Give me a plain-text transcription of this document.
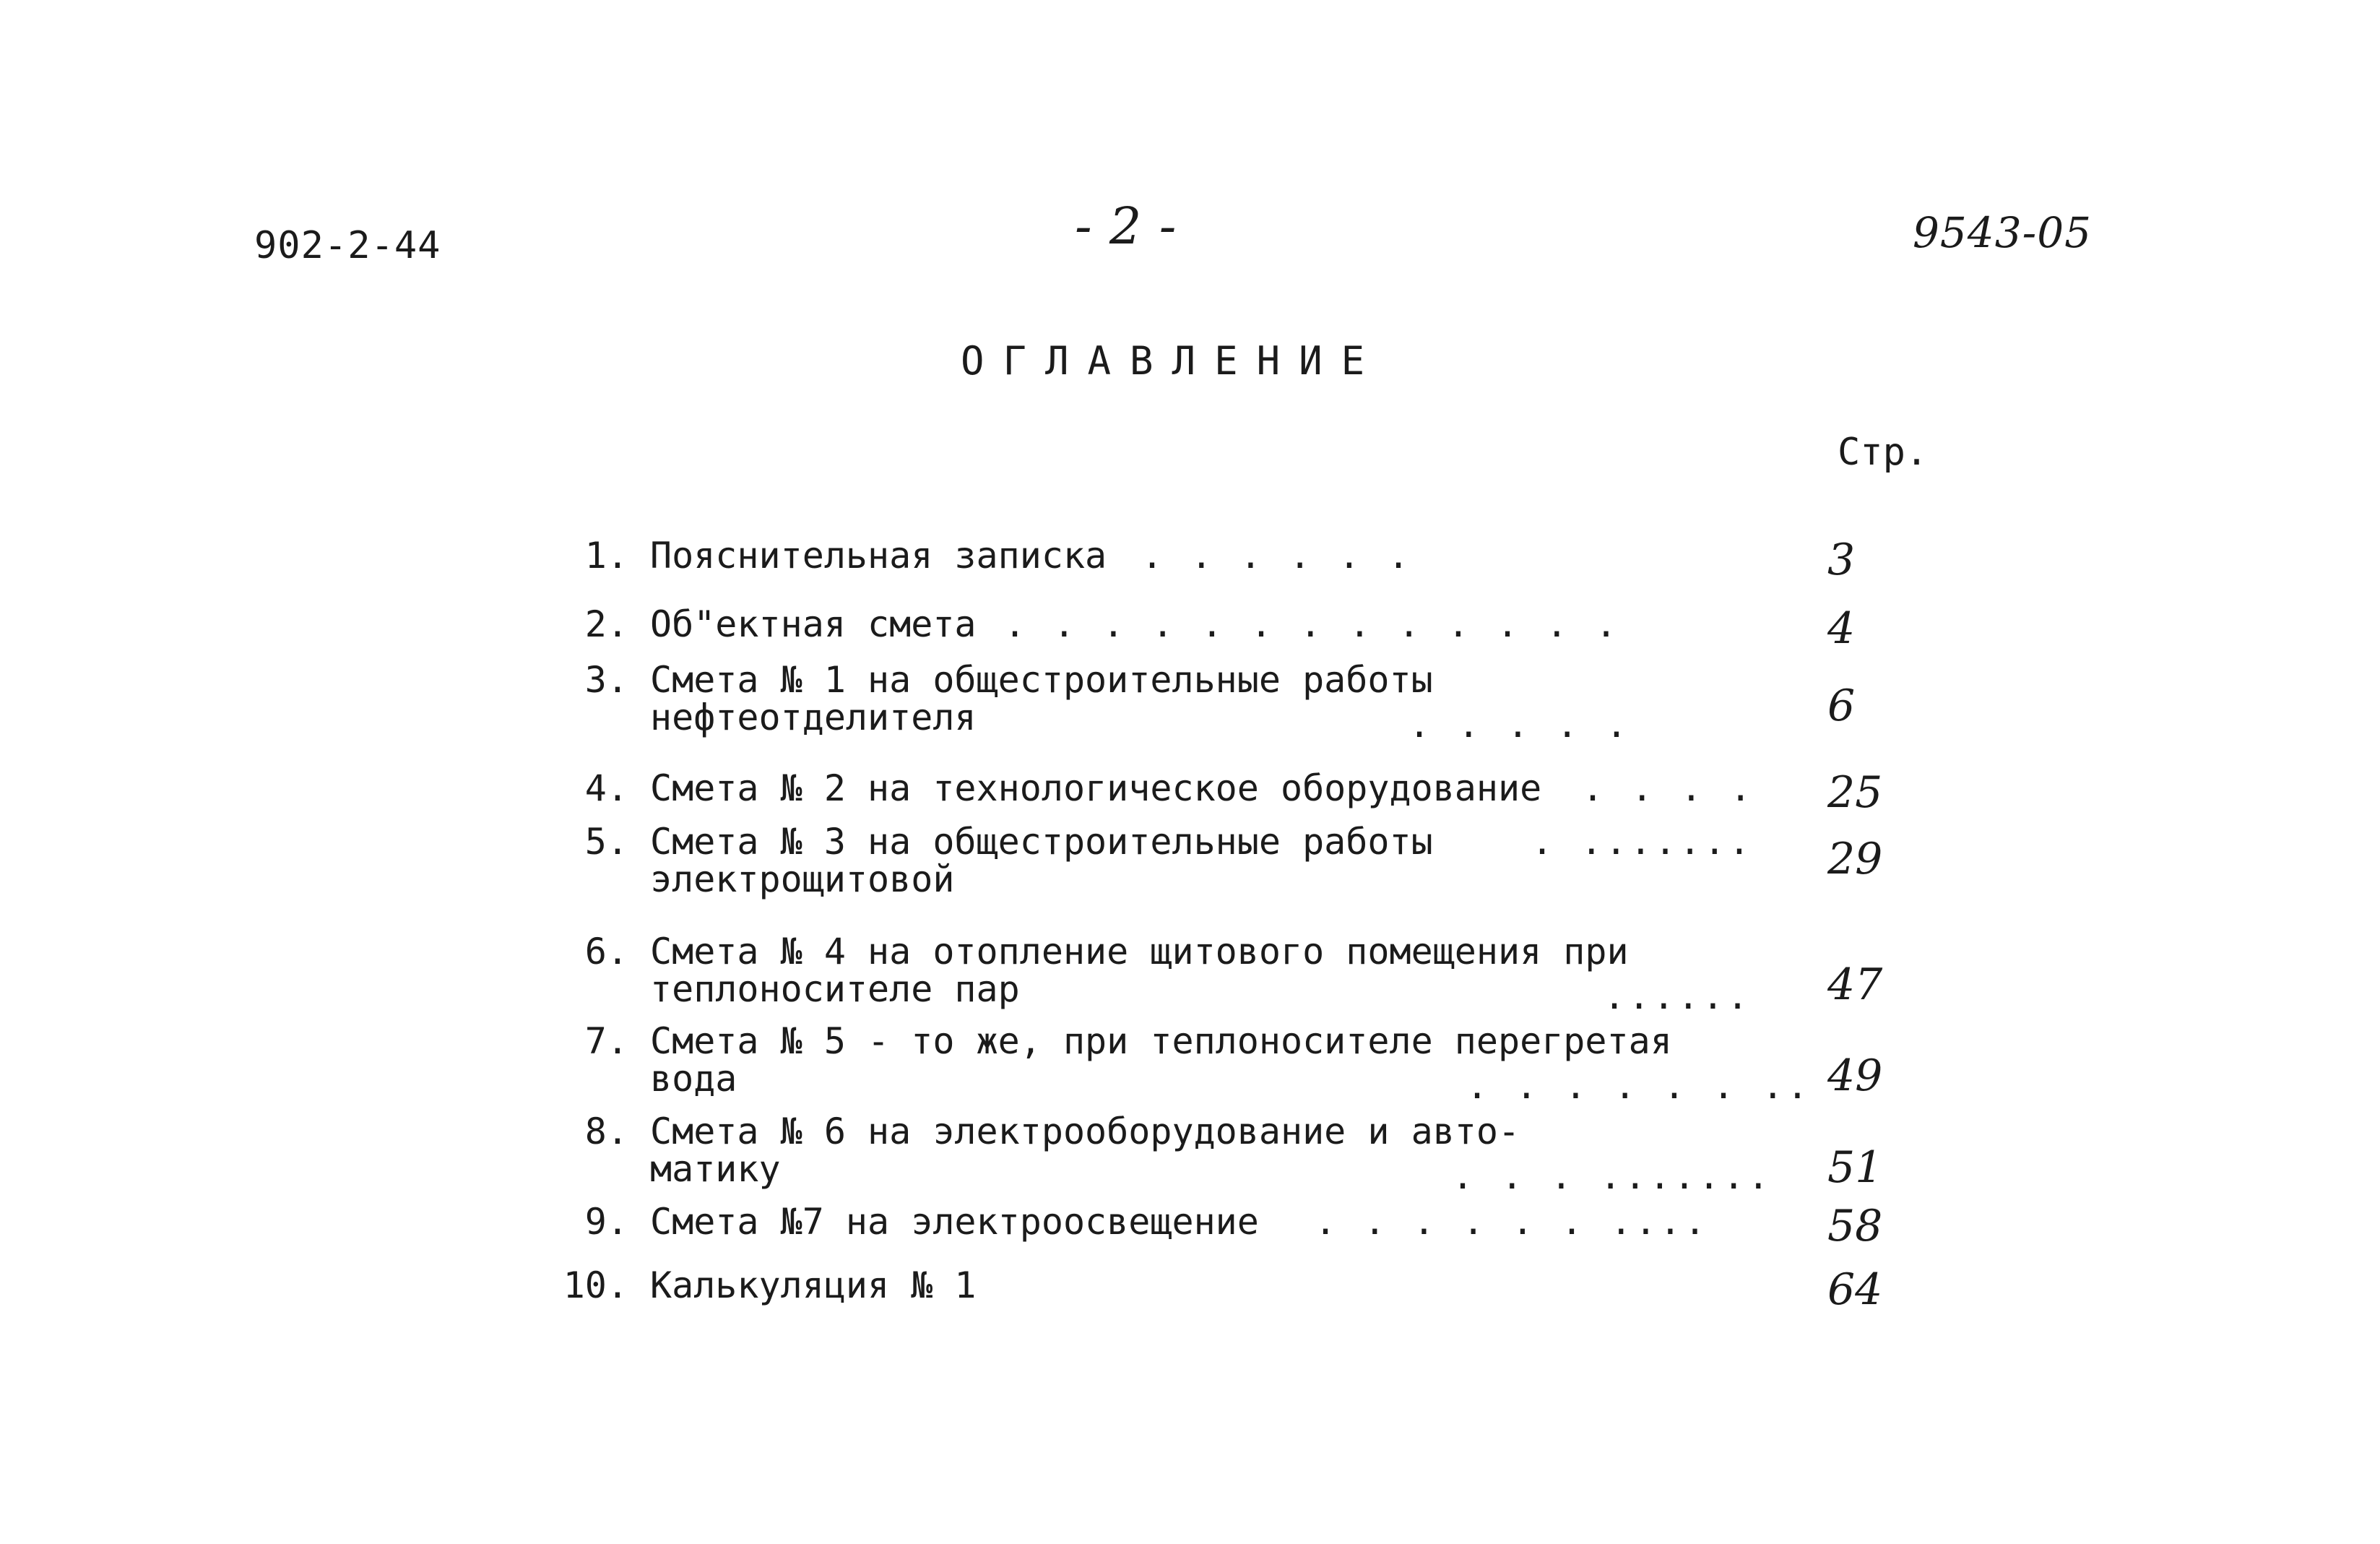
902-2-44	- 2 -	9543-05
ОГЛАВЛЕНИЕ
Стр.
1. Пояснительная записка . . . . . .	3
2. Об"ектная смета . . . . . . . . . . . . .	4
3. Смета № 1 на общестроительные работы
нефтеотделителя	. . . . .	6
4. Смета № 2 на технологическое оборудование . . . . 25
5. Смета № 3 на общестроительные работы
электрощитовой
. ....... 29
6. Смета № 4 на отопление щитового помещения при
теплоносителе пар	...... 47
7. Смета № 5 - то же, при теплоносителе перегретая
вода	. . . . . . .. 49
8. Смета № 6 на электрооборудование и авто-
матику	. . . ....... 51
9. Смета №7 на электроосвещение . . . . . . ....	58
10. Калькуляция № 1	64
